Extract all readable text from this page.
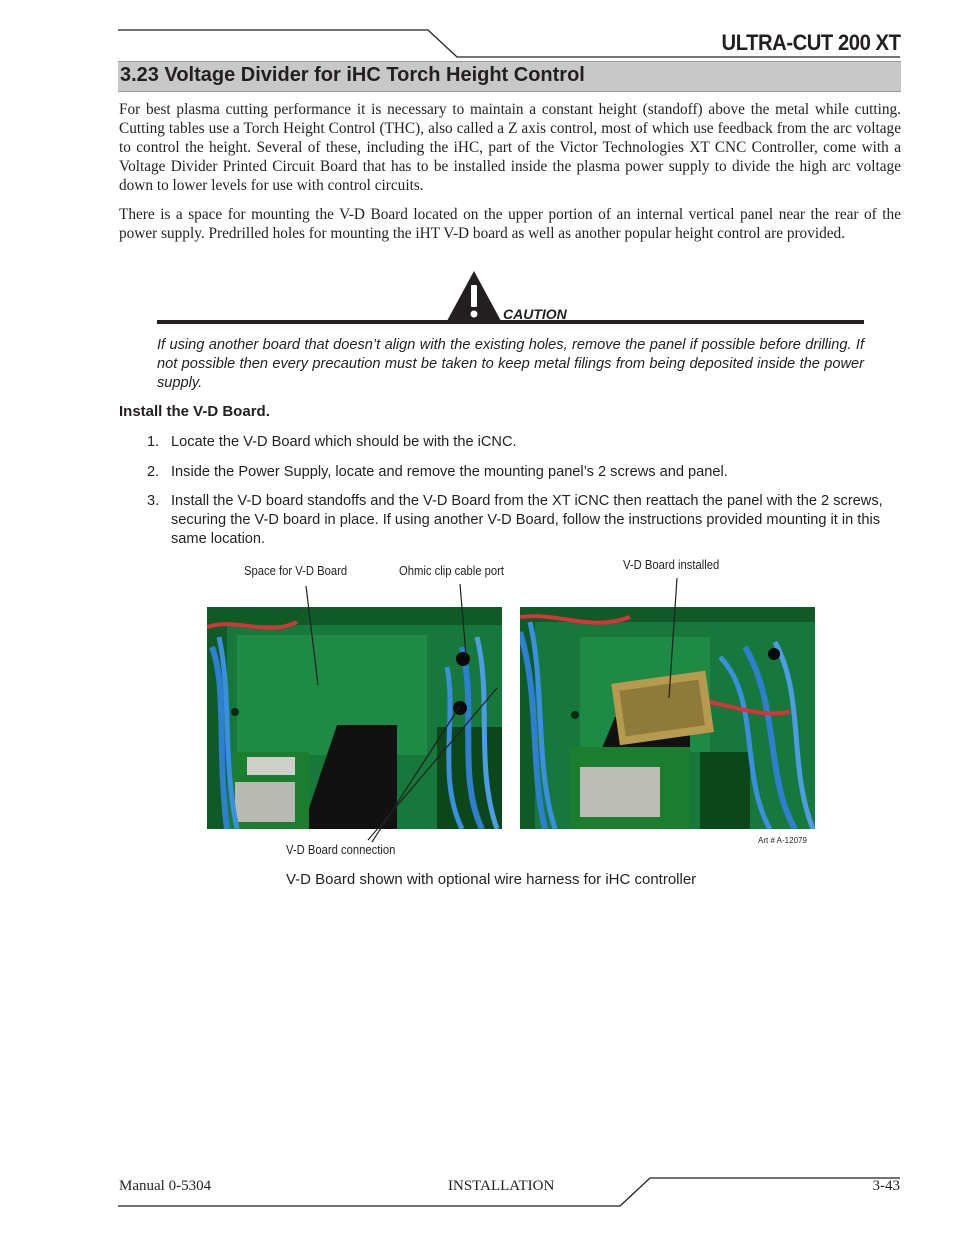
ULTRA-CUT 200 XT
3.23 Voltage Divider for iHC Torch Height Control
For best plasma cutting performance it is necessary to maintain a constant height (standoff) above the metal while cutting. Cutting tables use a Torch Height Control (THC), also called a Z axis control, most of which use feedback from the arc voltage to control the height. Several of these, including the iHC, part of the Victor Technologies XT CNC Controller, come with a Voltage Divider Printed Circuit Board that has to be installed inside the plasma power supply to divide the high arc voltage down to lower levels for use with control circuits.
There is a space for mounting the V-D Board located on the upper portion of an internal vertical panel near the rear of the power supply. Predrilled holes for mounting the iHT V-D board as well as another popular height control are provided.
CAUTION
If using another board that doesn’t align with the existing holes, remove the panel if possible before drilling. If not possible then every precaution must be taken to keep metal filings from being deposited inside the power supply.
Install the V-D Board.
1. Locate the V-D Board which should be with the iCNC.
2. Inside the Power Supply, locate and remove the mounting panel’s 2 screws and panel.
3. Install the V-D board standoffs and the V-D Board from the XT iCNC then reattach the panel with the 2 screws, securing the V-D board in place. If using another V-D Board, follow the instructions provided mounting it in this same location.
Space for V-D Board	Ohmic clip cable port	V-D Board installed
Art # A-12079
V-D Board connection
V-D Board shown with optional wire harness for iHC controller
Manual 0-5304	INSTALLATION	3-43
